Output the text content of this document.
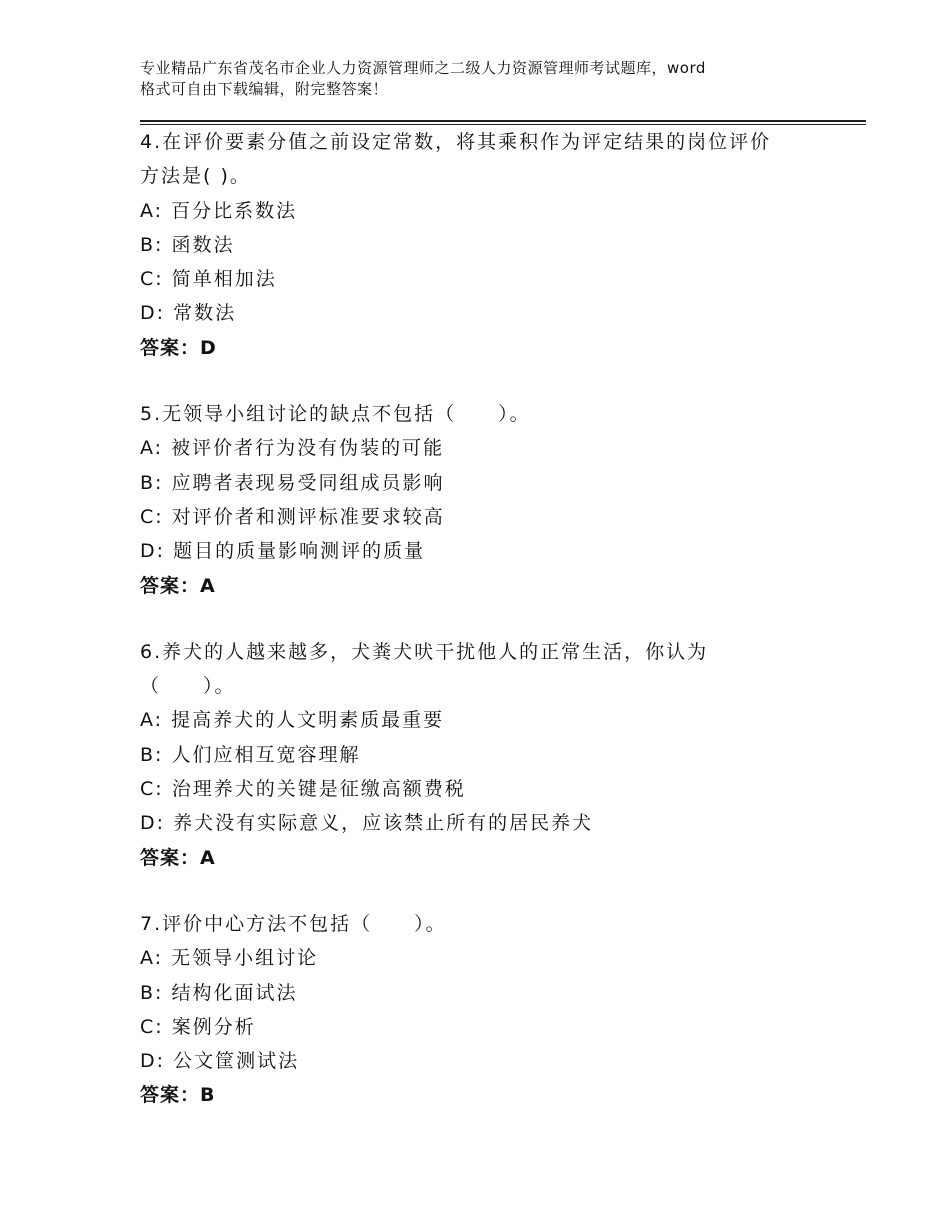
专业精品广东省茂名市企业人力资源管理师之二级人力资源管理师考试题库，word
格式可自由下载编辑，附完整答案！
4.在评价要素分值之前设定常数，将其乘积作为评定结果的岗位评价
方法是( )。
A: 百分比系数法
B: 函数法
C: 简单相加法
D: 常数法
答案：D
5.无领导小组讨论的缺点不包括（　　）。
A: 被评价者行为没有伪装的可能
B: 应聘者表现易受同组成员影响
C: 对评价者和测评标准要求较高
D: 题目的质量影响测评的质量
答案：A
6.养犬的人越来越多，犬粪犬吠干扰他人的正常生活，你认为
（　　）。
A: 提高养犬的人文明素质最重要
B: 人们应相互宽容理解
C: 治理养犬的关键是征缴高额费税
D: 养犬没有实际意义，应该禁止所有的居民养犬
答案：A
7.评价中心方法不包括（　　）。
A: 无领导小组讨论
B: 结构化面试法
C: 案例分析
D: 公文筐测试法
答案：B
